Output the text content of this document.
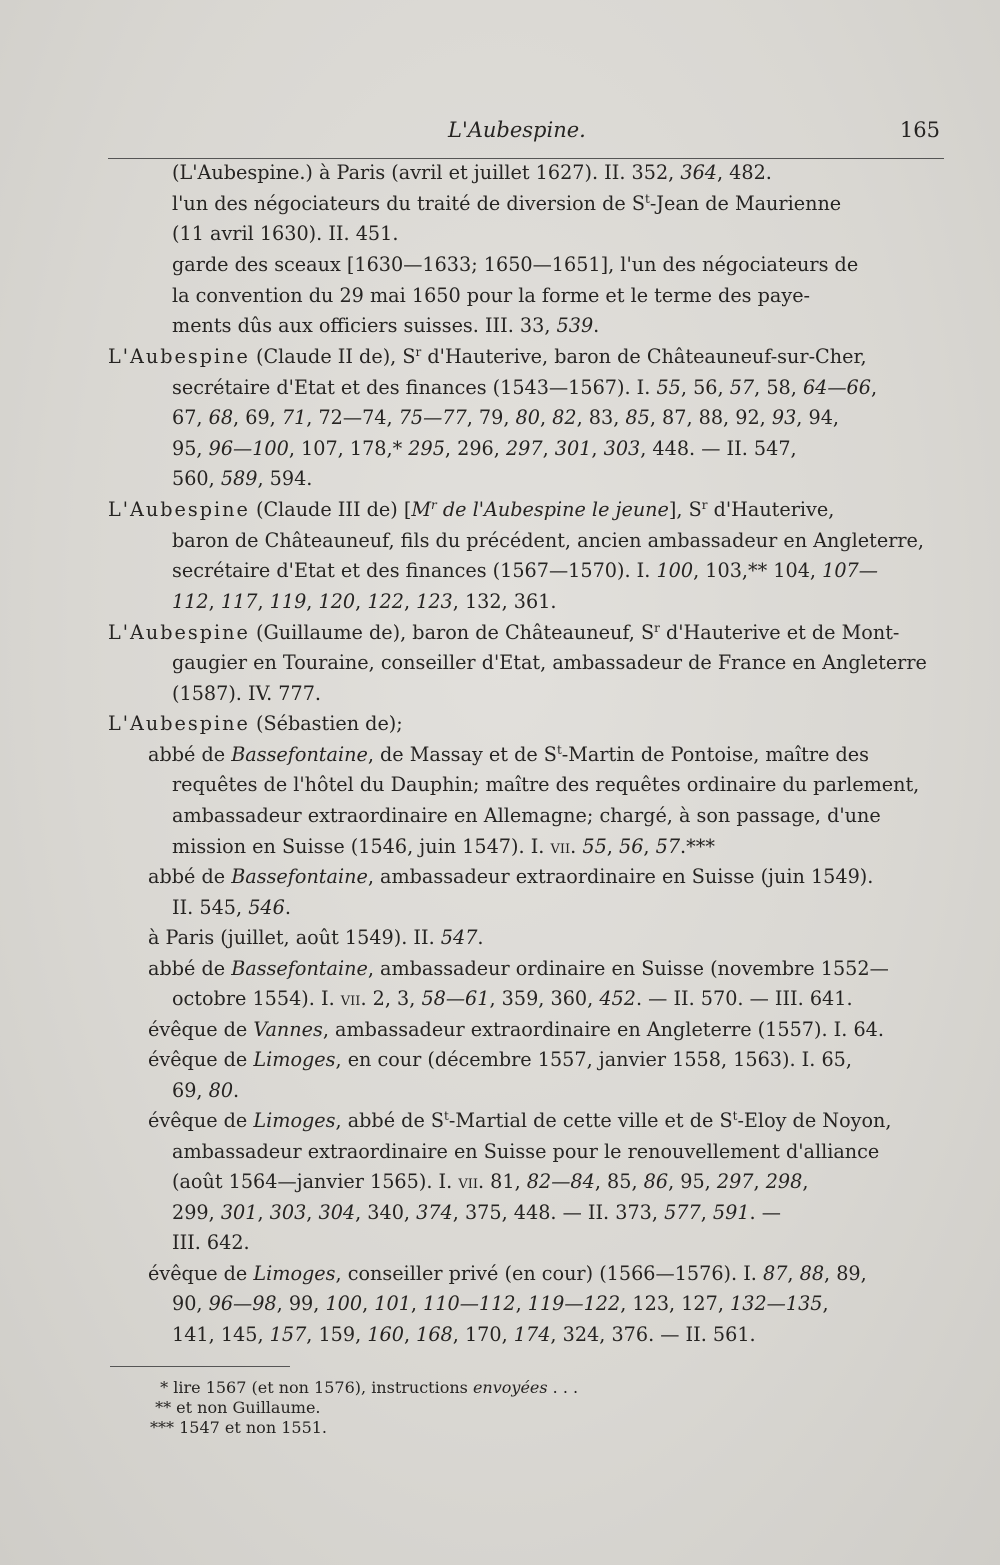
L'Aubespine.	165
(L'Aubespine.) à Paris (avril et juillet 1627). II. 352, 364, 482.
l'un des négociateurs du traité de diversion de $S^t$-Jean de Maurienne
(11 avril 1630). II. 451.
garde des sceaux [1630—1633; 1650—1651], l'un des négociateurs de
la convention du 29 mai 1650 pour la forme et le terme des paye-
ments dûs aux officiers suisses. III. 33, 539.
L'Aubespine (Claude II de), $S^r$ d'Hauterive, baron de Châteauneuf-sur-Cher,
secrétaire d'Etat et des finances (1543—1567). I. 55, 56, 57, 58, 64—66,
67, 68, 69, 71, 72—74, 75—77, 79, 80, 82, 83, 85, 87, 88, 92, 93, 94,
95, 96—100, 107, 178,* 295, 296, 297, 301, 303, 448. — II. 547,
560, 589, 594.
L'Aubespine (Claude III de) [$M^r$ de l'Aubespine le jeune], $S^r$ d'Hauterive,
baron de Châteauneuf, fils du précédent, ancien ambassadeur en Angleterre,
secrétaire d'Etat et des finances (1567—1570). I. 100, 103,** 104, 107—
112, 117, 119, 120, 122, 123, 132, 361.
L'Aubespine (Guillaume de), baron de Châteauneuf, $S^r$ d'Hauterive et de Mont-
gaugier en Touraine, conseiller d'Etat, ambassadeur de France en Angleterre
(1587). IV. 777.
L'Aubespine (Sébastien de);
abbé de Bassefontaine, de Massay et de $S^t$-Martin de Pontoise, maître des
requêtes de l'hôtel du Dauphin; maître des requêtes ordinaire du parlement,
ambassadeur extraordinaire en Allemagne; chargé, à son passage, d'une
mission en Suisse (1546, juin 1547). I. vii. 55, 56, 57.***
abbé de Bassefontaine, ambassadeur extraordinaire en Suisse (juin 1549).
II. 545, 546.
à Paris (juillet, août 1549). II. 547.
abbé de Bassefontaine, ambassadeur ordinaire en Suisse (novembre 1552—
octobre 1554). I. vii. 2, 3, 58—61, 359, 360, 452. — II. 570. — III. 641.
évêque de Vannes, ambassadeur extraordinaire en Angleterre (1557). I. 64.
évêque de Limoges, en cour (décembre 1557, janvier 1558, 1563). I. 65,
69, 80.
évêque de Limoges, abbé de $S^t$-Martial de cette ville et de $S^t$-Eloy de Noyon,
ambassadeur extraordinaire en Suisse pour le renouvellement d'alliance
(août 1564—janvier 1565). I. vii. 81, 82—84, 85, 86, 95, 297, 298,
299, 301, 303, 304, 340, 374, 375, 448. — II. 373, 577, 591. —
III. 642.
évêque de Limoges, conseiller privé (en cour) (1566—1576). I. 87, 88, 89,
90, 96—98, 99, 100, 101, 110—112, 119—122, 123, 127, 132—135,
141, 145, 157, 159, 160, 168, 170, 174, 324, 376. — II. 561.
* lire 1567 (et non 1576), instructions envoyées . . .
** et non Guillaume.
*** 1547 et non 1551.
